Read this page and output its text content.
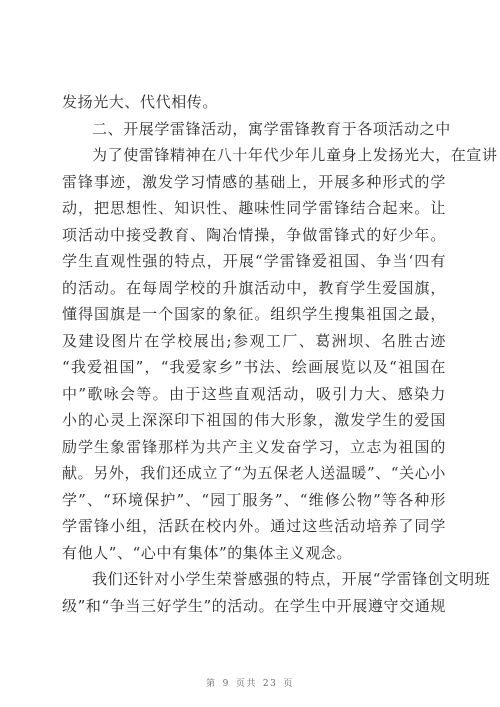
发扬光大、代代相传。
二、开展学雷锋活动，寓学雷锋教育于各项活动之中
为了使雷锋精神在八十年代少年儿童身上发扬光大，在宣讲
雷锋事迹，激发学习情感的基础上，开展多种形式的学
动，把思想性、知识性、趣味性同学雷锋结合起来。让
项活动中接受教育、陶冶情操，争做雷锋式的好少年。
学生直观性强的特点，开展“学雷锋爱祖国、争当‘四有
的活动。在每周学校的升旗活动中，教育学生爱国旗，
懂得国旗是一个国家的象征。组织学生搜集祖国之最，
及建设图片在学校展出;参观工厂、葛洲坝、名胜古迹
“我爱祖国”，“我爱家乡”书法、绘画展览以及“祖国在
中”歌咏会等。由于这些直观活动，吸引力大、感染力
小的心灵上深深印下祖国的伟大形象，激发学生的爱国
励学生象雷锋那样为共产主义发奋学习，立志为祖国的
献。另外，我们还成立了“为五保老人送温暖”、“关心小
学”、“环境保护”、“园丁服务”、“维修公物”等各种形
学雷锋小组，活跃在校内外。通过这些活动培养了同学
有他人”、“心中有集体”的集体主义观念。
我们还针对小学生荣誉感强的特点，开展“学雷锋创文明班
级”和“争当三好学生”的活动。在学生中开展遵守交通规
第 9 页共 23 页
